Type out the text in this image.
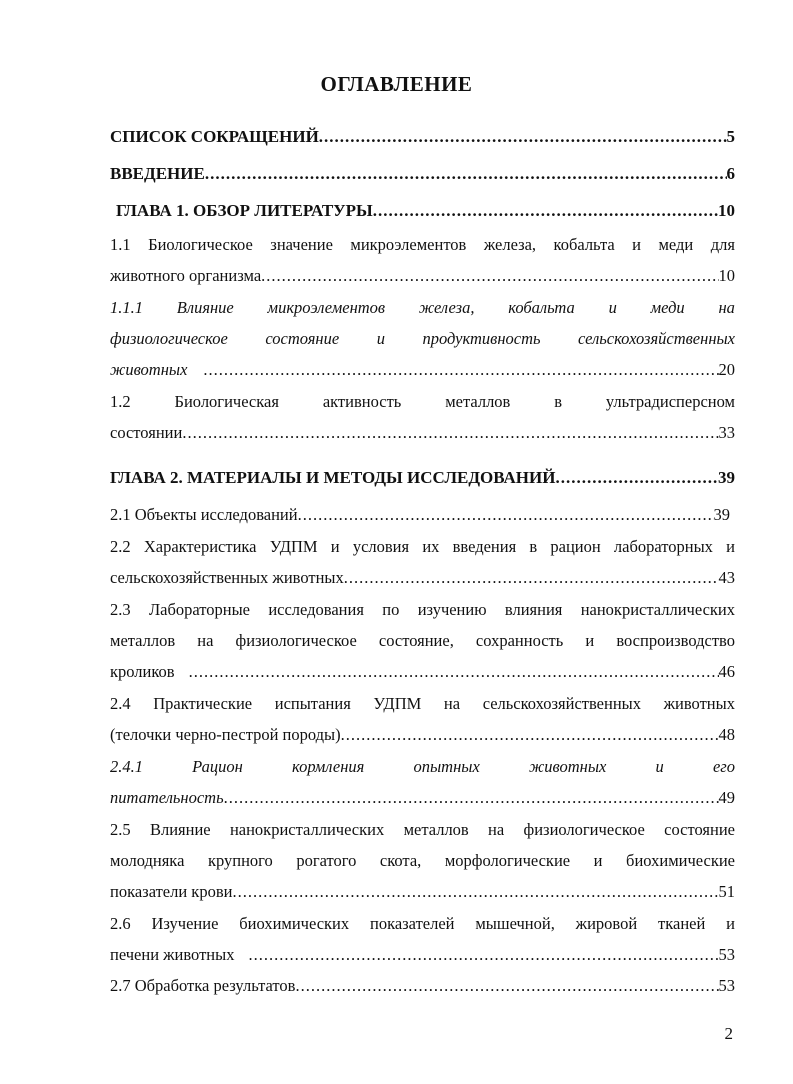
ОГЛАВЛЕНИЕ
СПИСОК СОКРАЩЕНИЙ .....	5
ВВЕДЕНИЕ .....	6
ГЛАВА 1. ОБЗОР ЛИТЕРАТУРЫ .....	10
1.1 Биологическое значение микроэлементов железа, кобальта и меди для
животного организма .....	10
1.1.1 Влияние микроэлементов железа, кобальта и меди на
физиологическое состояние и продуктивность сельскохозяйственных
животных .....	20
1.2	Биологическая	активность	металлов	в	ультрадисперсном
состоянии .....	33
ГЛАВА 2. МАТЕРИАЛЫ И МЕТОДЫ ИССЛЕДОВАНИЙ .....	39
2.1 Объекты исследований .....	39
2.2 Характеристика УДПМ и условия их введения в рацион лабораторных и
сельскохозяйственных животных .....	43
2.3 Лабораторные исследования по изучению влияния нанокристаллических
металлов на физиологическое состояние, сохранность и воспроизводство
кроликов .....	46
2.4 Практические испытания УДПМ на сельскохозяйственных животных
(телочки черно-пестрой породы) .....	48
2.4.1	Рацион	кормления	опытных	животных	и	его
питательность .....	49
2.5 Влияние нанокристаллических металлов на физиологическое состояние
молодняка крупного рогатого скота, морфологические и биохимические
показатели крови .....	51
2.6 Изучение биохимических показателей мышечной, жировой тканей и
печени животных .....	53
2.7 Обработка результатов .....	53
2
